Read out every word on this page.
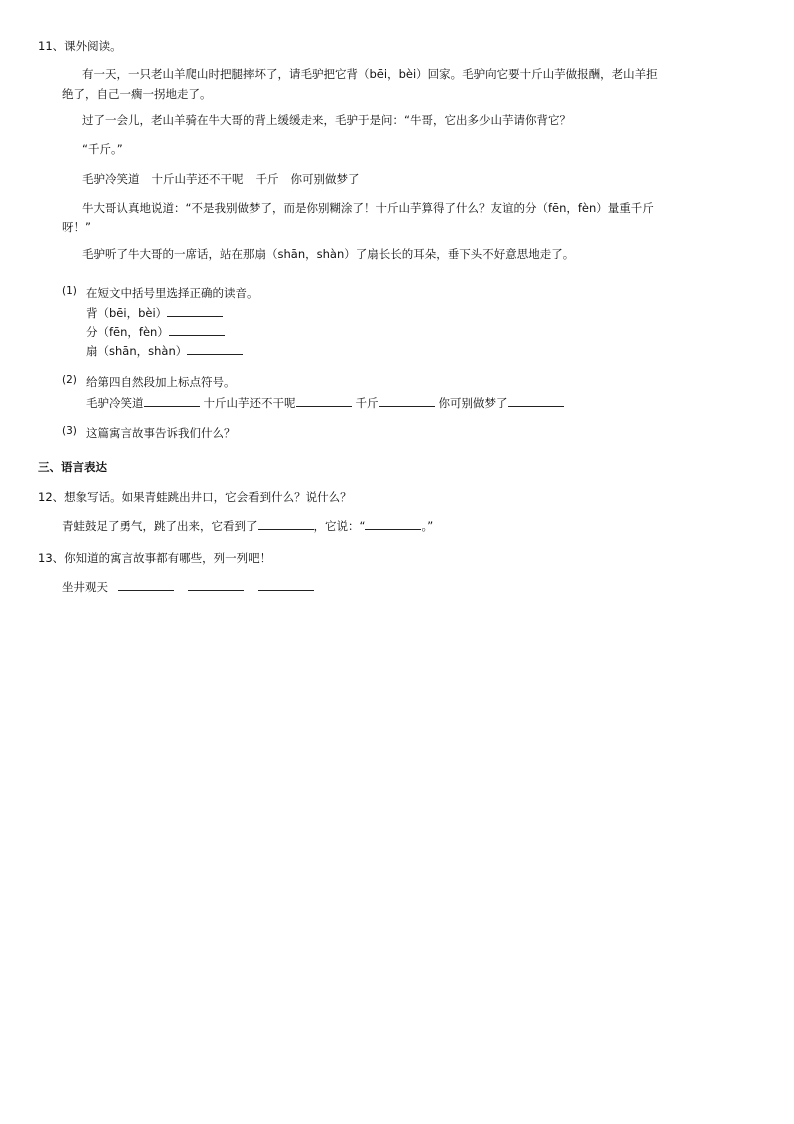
11、课外阅读。
有一天，一只老山羊爬山时把腿摔坏了，请毛驴把它背（bēi，bèi）回家。毛驴向它要十斤山芋做报酬，老山羊拒
绝了，自己一瘸一拐地走了。
过了一会儿，老山羊骑在牛大哥的背上缓缓走来，毛驴于是问：“牛哥，它出多少山芋请你背它？
“千斤。”
毛驴冷笑道 十斤山芋还不干呢 千斤 你可别做梦了
牛大哥认真地说道：“不是我别做梦了，而是你别糊涂了！十斤山芋算得了什么？友谊的分（fēn，fèn）量重千斤
呀！”
毛驴听了牛大哥的一席话，站在那扇（shān，shàn）了扇长长的耳朵，垂下头不好意思地走了。
(1) 在短文中括号里选择正确的读音。
背（bēi，bèi）
分（fēn，fèn）
扇（shān，shàn）
(2) 给第四自然段加上标点符号。
毛驴冷笑道	十斤山芋还不干呢	千斤	你可别做梦了
(3) 这篇寓言故事告诉我们什么？
三、语言表达
12、想象写话。如果青蛙跳出井口，它会看到什么？说什么？
青蛙鼓足了勇气，跳了出来，它看到了	，它说：“	。”
13、你知道的寓言故事都有哪些，列一列吧！
坐井观天
